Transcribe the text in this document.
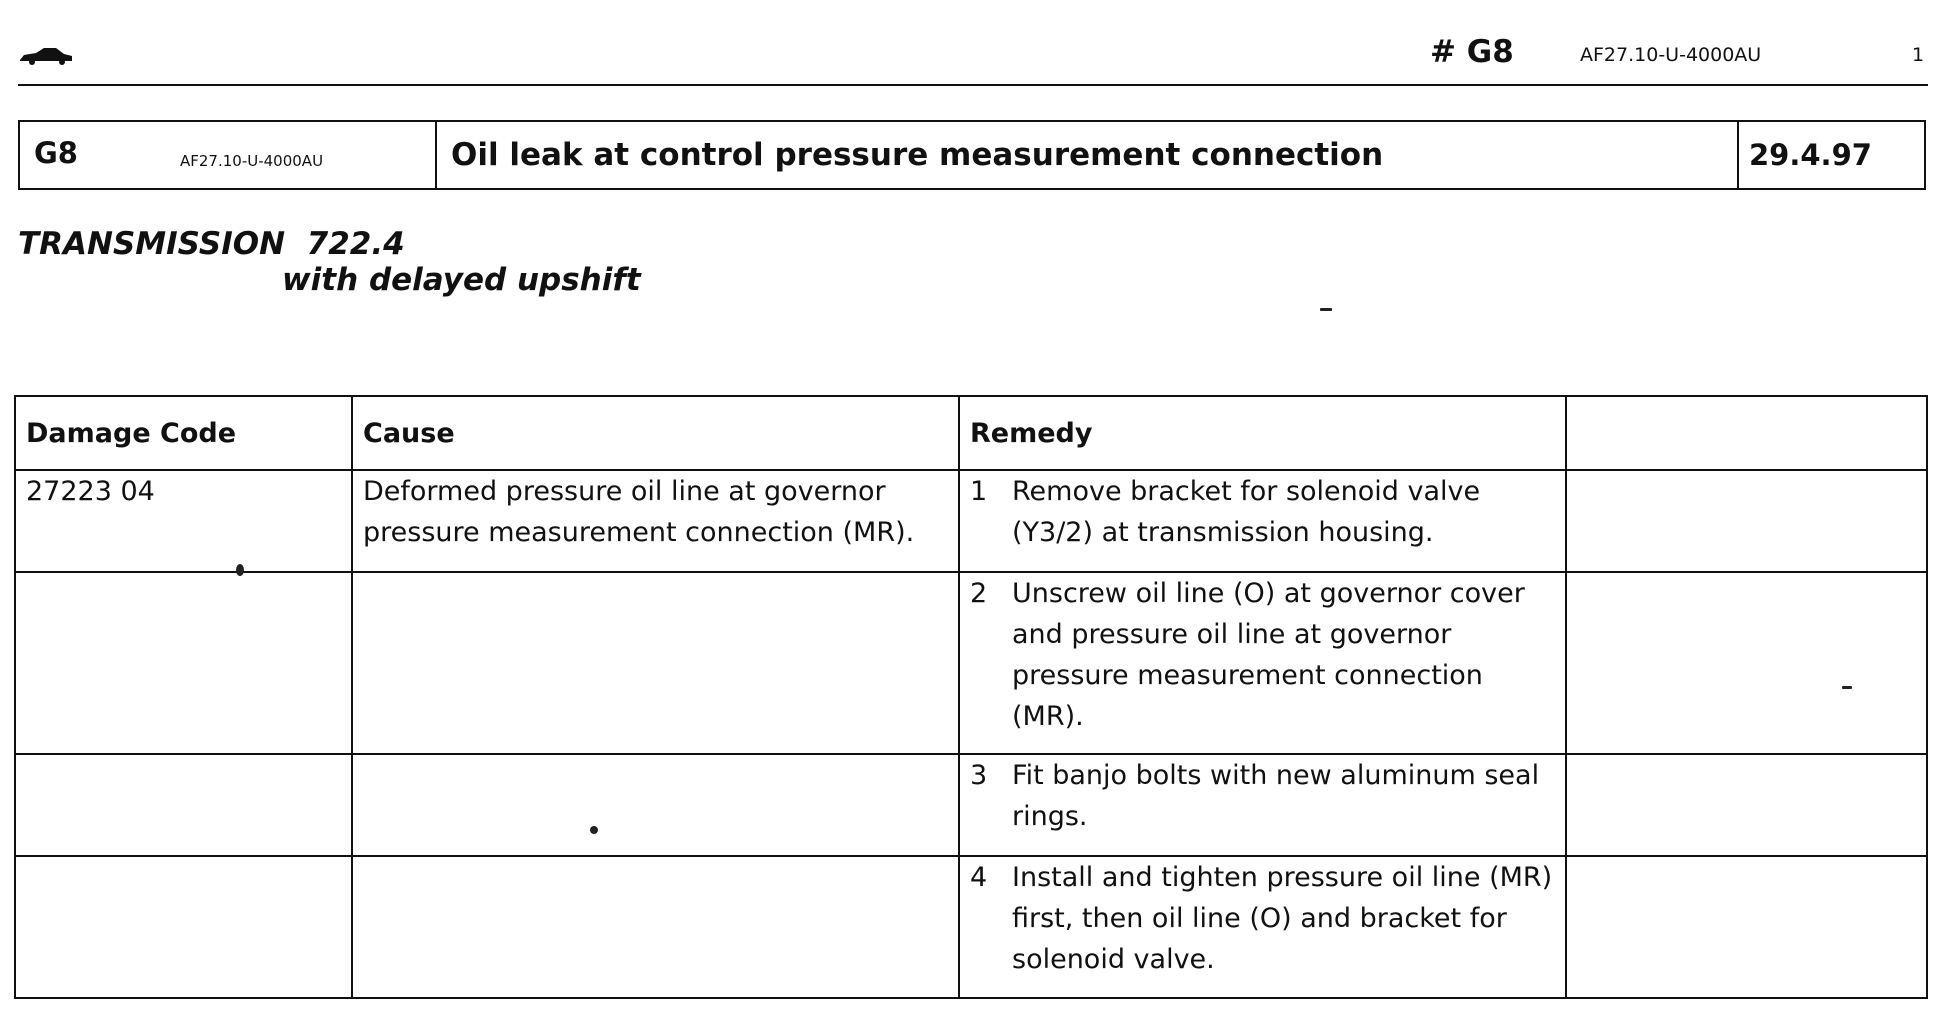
# G8	AF27.10-U-4000AU	1
G8	AF27.10-U-4000AU	Oil leak at control pressure measurement connection	29.4.97
TRANSMISSION  722.4
with delayed upshift
Damage Code	Cause	Remedy	
27223 04	Deformed pressure oil line at governor pressure measurement connection (MR).	1 Remove bracket for solenoid valve (Y3/2) at transmission housing.	

		2 Unscrew oil line (O) at governor cover and pressure oil line at governor pressure measurement connection (MR).	

		3 Fit banjo bolts with new aluminum seal rings.	

		4 Install and tighten pressure oil line (MR) first, then oil line (O) and bracket for solenoid valve.	
